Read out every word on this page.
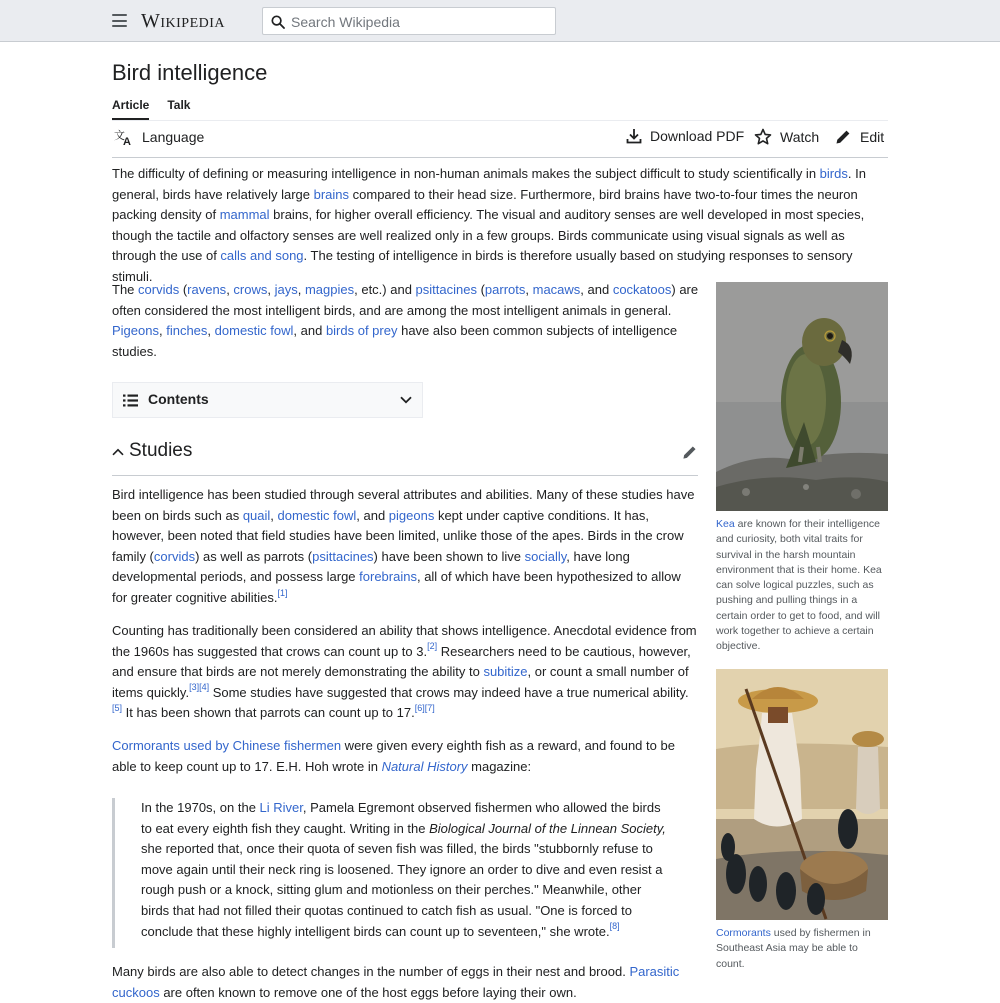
Wikipedia
Search Wikipedia
Bird intelligence
Article Talk
文
A Language	Download PDF	Watch	Edit

The difficulty of defining or measuring intelligence in non-human animals makes the subject difficult to study scientifically in birds. In general, birds have relatively large brains compared to their head size. Furthermore, bird brains have two-to-four times the neuron packing density of mammal brains, for higher overall efficiency. The visual and auditory senses are well developed in most species, though the tactile and olfactory senses are well realized only in a few groups. Birds communicate using visual signals as well as through the use of calls and song. The testing of intelligence in birds is therefore usually based on studying responses to sensory stimuli.

The corvids (ravens, crows, jays, magpies, etc.) and psittacines (parrots, macaws, and cockatoos) are often considered the most intelligent birds, and are among the most intelligent animals in general. Pigeons, finches, domestic fowl, and birds of prey have also been common subjects of intelligence studies.

Contents
Studies

Bird intelligence has been studied through several attributes and abilities. Many of these studies have been on birds such as quail, domestic fowl, and pigeons kept under captive conditions. It has, however, been noted that field studies have been limited, unlike those of the apes. Birds in the crow family (corvids) as well as parrots (psittacines) have been shown to live socially, have long developmental periods, and possess large forebrains, all of which have been hypothesized to allow for greater cognitive abilities.[1]

Counting has traditionally been considered an ability that shows intelligence. Anecdotal evidence from the 1960s has suggested that crows can count up to 3.[2] Researchers need to be cautious, however, and ensure that birds are not merely demonstrating the ability to subitize, or count a small number of items quickly.[3][4] Some studies have suggested that crows may indeed have a true numerical ability.[5] It has been shown that parrots can count up to 17.[6][7]

Cormorants used by Chinese fishermen were given every eighth fish as a reward, and found to be able to keep count up to 17. E.H. Hoh wrote in Natural History magazine:

In the 1970s, on the Li River, Pamela Egremont observed fishermen who allowed the birds to eat every eighth fish they caught. Writing in the Biological Journal of the Linnean Society, she reported that, once their quota of seven fish was filled, the birds "stubbornly refuse to move again until their neck ring is loosened. They ignore an order to dive and even resist a rough push or a knock, sitting glum and motionless on their perches." Meanwhile, other birds that had not filled their quotas continued to catch fish as usual. "One is forced to conclude that these highly intelligent birds can count up to seventeen," she wrote.[8]

Many birds are also able to detect changes in the number of eggs in their nest and brood. Parasitic cuckoos are often known to remove one of the host eggs before laying their own.

Kea are known for their intelligence and curiosity, both vital traits for survival in the harsh mountain environment that is their home. Kea can solve logical puzzles, such as pushing and pulling things in a certain order to get to food, and will work together to achieve a certain objective.
Cormorants used by fishermen in Southeast Asia may be able to count.
